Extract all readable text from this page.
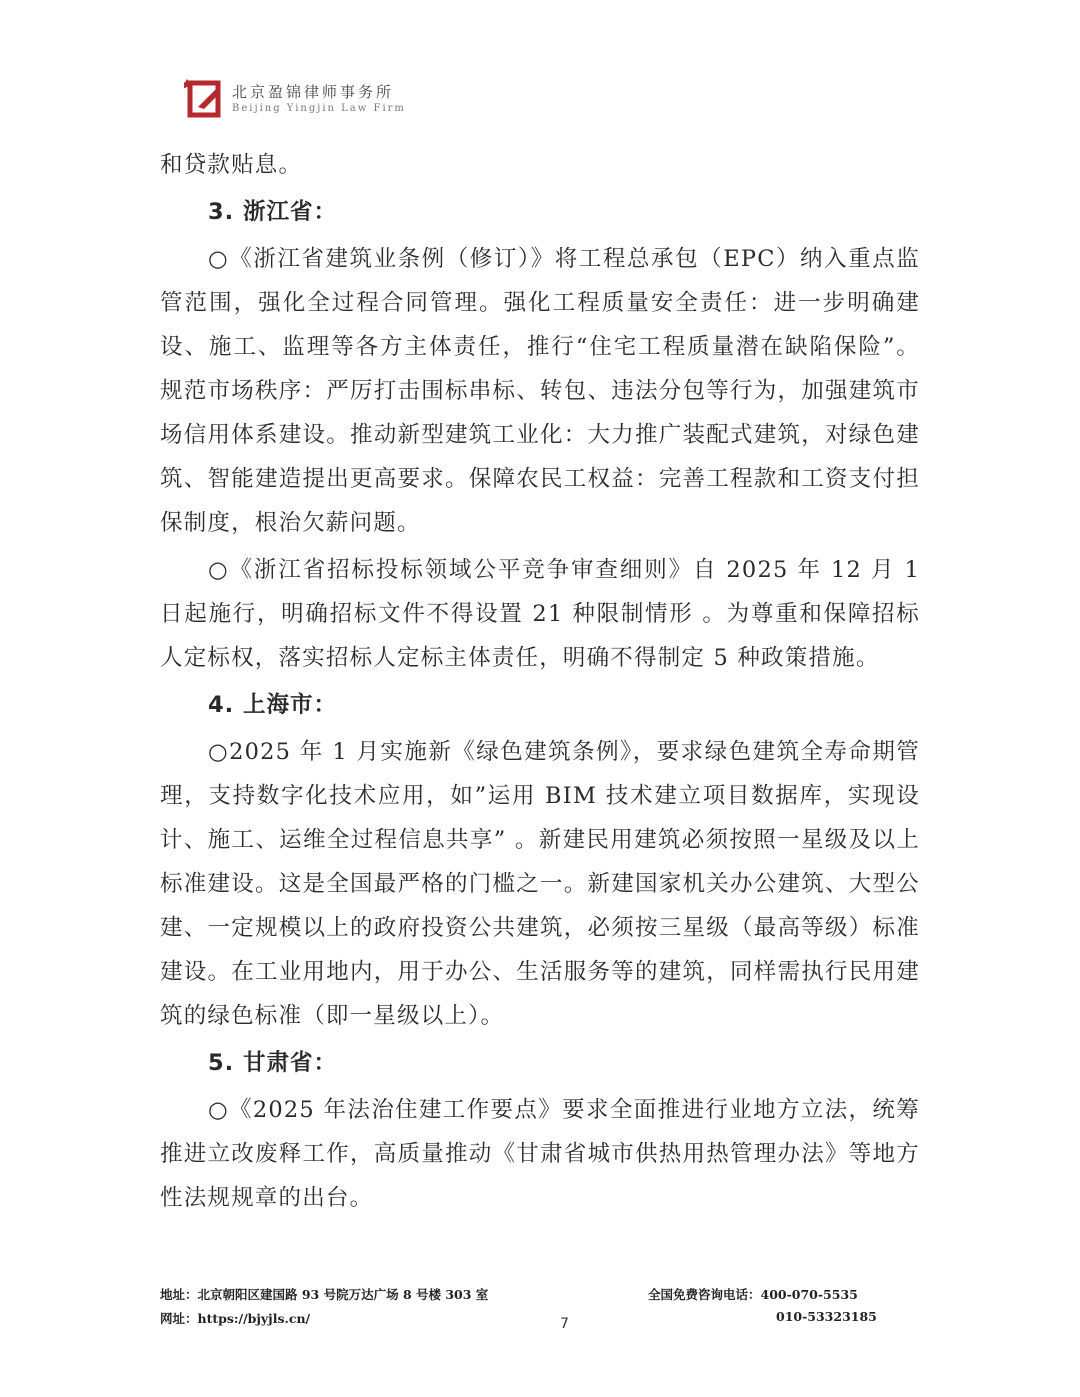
北京盈锦律师事务所
Beijing Yingjin Law Firm

和贷款贴息。

3. 浙江省：

○《浙江省建筑业条例（修订）》将工程总承包（EPC）纳入重点监管范围，强化全过程合同管理。强化工程质量安全责任：进一步明确建设、施工、监理等各方主体责任，推行“住宅工程质量潜在缺陷保险”。规范市场秩序：严厉打击围标串标、转包、违法分包等行为，加强建筑市场信用体系建设。推动新型建筑工业化：大力推广装配式建筑，对绿色建筑、智能建造提出更高要求。保障农民工权益：完善工程款和工资支付担保制度，根治欠薪问题。

○《浙江省招标投标领域公平竞争审查细则》自 2025 年 12 月 1 日起施行，明确招标文件不得设置 21 种限制情形 。为尊重和保障招标人定标权，落实招标人定标主体责任，明确不得制定 5 种政策措施。

4. 上海市：

○2025 年 1 月实施新《绿色建筑条例》，要求绿色建筑全寿命期管理，支持数字化技术应用，如”运用 BIM 技术建立项目数据库，实现设计、施工、运维全过程信息共享” 。新建民用建筑必须按照一星级及以上标准建设。这是全国最严格的门槛之一。新建国家机关办公建筑、大型公建、一定规模以上的政府投资公共建筑，必须按三星级（最高等级）标准建设。在工业用地内，用于办公、生活服务等的建筑，同样需执行民用建筑的绿色标准（即一星级以上）。

5. 甘肃省：

○《2025 年法治住建工作要点》要求全面推进行业地方立法，统筹推进立改废释工作，高质量推动《甘肃省城市供热用热管理办法》等地方性法规规章的出台。

地址：北京朝阳区建国路 93 号院万达广场 8 号楼 303 室
网址：https://bjyjls.cn/
全国免费咨询电话：400-070-5535
010-53323185
7
